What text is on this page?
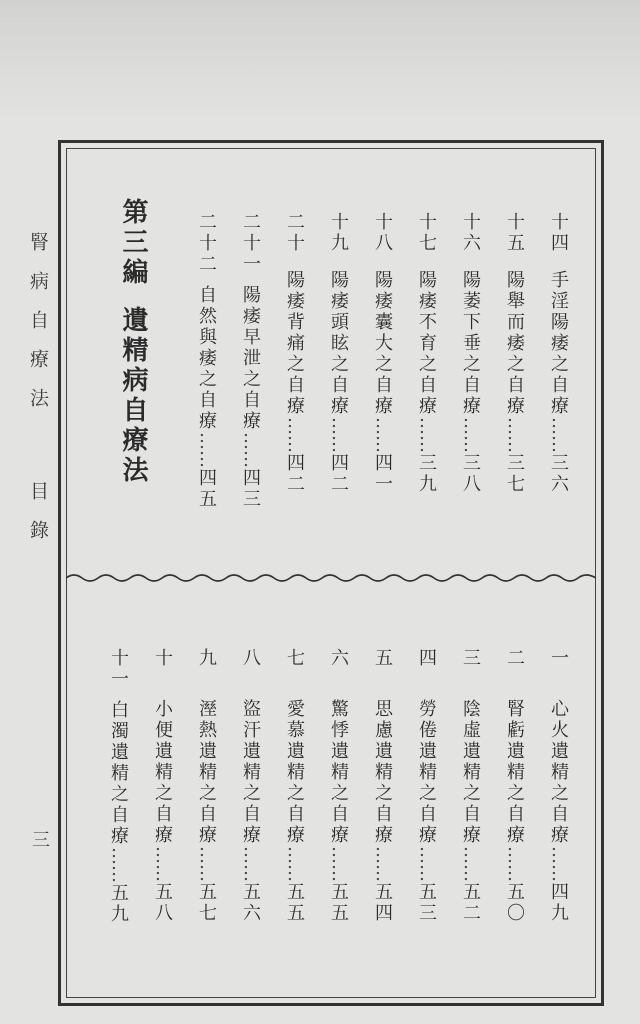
腎病自療法 目錄
三
十四手淫陽痿之自療……三六
十五陽舉而痿之自療……三七
十六陽萎下垂之自療……三八
十七陽痿不育之自療……三九
十八陽痿囊大之自療……四一
十九陽痿頭眩之自療……四二
二十陽痿背痛之自療……四二
二十一陽痿早泄之自療……四三
二十二自然與痿之自療……四五
第三編遺精病自療法
一心火遺精之自療……四九
二腎虧遺精之自療……五〇
三陰虛遺精之自療……五二
四勞倦遺精之自療……五三
五思慮遺精之自療……五四
六驚悸遺精之自療……五五
七愛慕遺精之自療……五五
八盜汗遺精之自療……五六
九溼熱遺精之自療……五七
十小便遺精之自療……五八
十一白濁遺精之自療……五九
